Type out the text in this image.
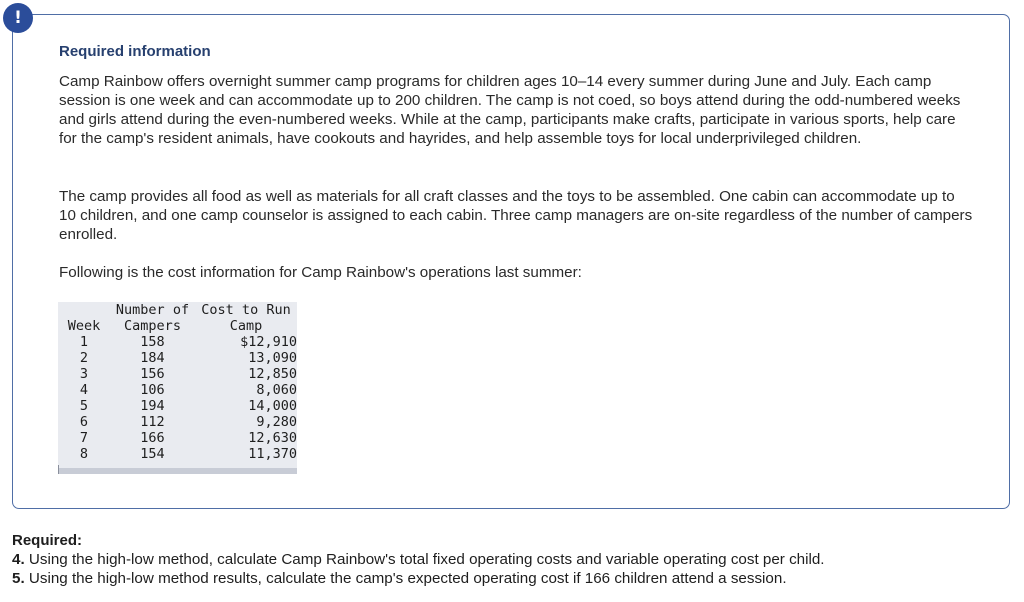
!
Required information

Camp Rainbow offers overnight summer camp programs for children ages 10–14 every summer during June and July. Each camp session is one week and can accommodate up to 200 children. The camp is not coed, so boys attend during the odd-numbered weeks and girls attend during the even-numbered weeks. While at the camp, participants make crafts, participate in various sports, help care for the camp's resident animals, have cookouts and hayrides, and help assemble toys for local underprivileged children.

The camp provides all food as well as materials for all craft classes and the toys to be assembled. One cabin can accommodate up to 10 children, and one camp counselor is assigned to each cabin. Three camp managers are on-site regardless of the number of campers enrolled.

Following is the cost information for Camp Rainbow's operations last summer:

	Number of	Cost to Run
Week	Campers	Camp
1	158	$12,910
2	184	13,090
3	156	12,850
4	106	8,060
5	194	14,000
6	112	9,280
7	166	12,630
8	154	11,370

Required:

4. Using the high-low method, calculate Camp Rainbow's total fixed operating costs and variable operating cost per child.

5. Using the high-low method results, calculate the camp's expected operating cost if 166 children attend a session.
